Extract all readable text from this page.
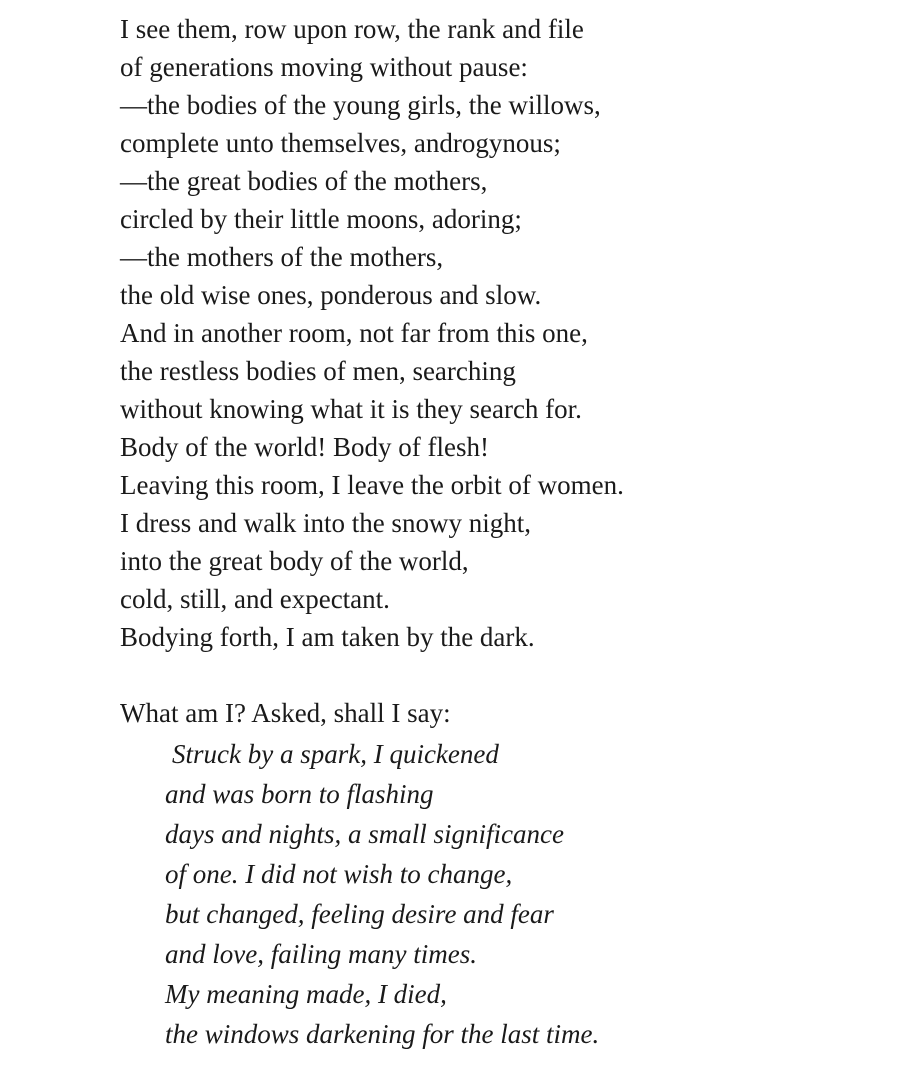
I see them, row upon row, the rank and file
of generations moving without pause:
—the bodies of the young girls, the willows,
complete unto themselves, androgynous;
—the great bodies of the mothers,
circled by their little moons, adoring;
—the mothers of the mothers,
the old wise ones, ponderous and slow.
And in another room, not far from this one,
the restless bodies of men, searching
without knowing what it is they search for.
Body of the world! Body of flesh!
Leaving this room, I leave the orbit of women.
I dress and walk into the snowy night,
into the great body of the world,
cold, still, and expectant.
Bodying forth, I am taken by the dark.
What am I? Asked, shall I say:
Struck by a spark, I quickened
and was born to flashing
days and nights, a small significance
of one. I did not wish to change,
but changed, feeling desire and fear
and love, failing many times.
My meaning made, I died,
the windows darkening for the last time.
